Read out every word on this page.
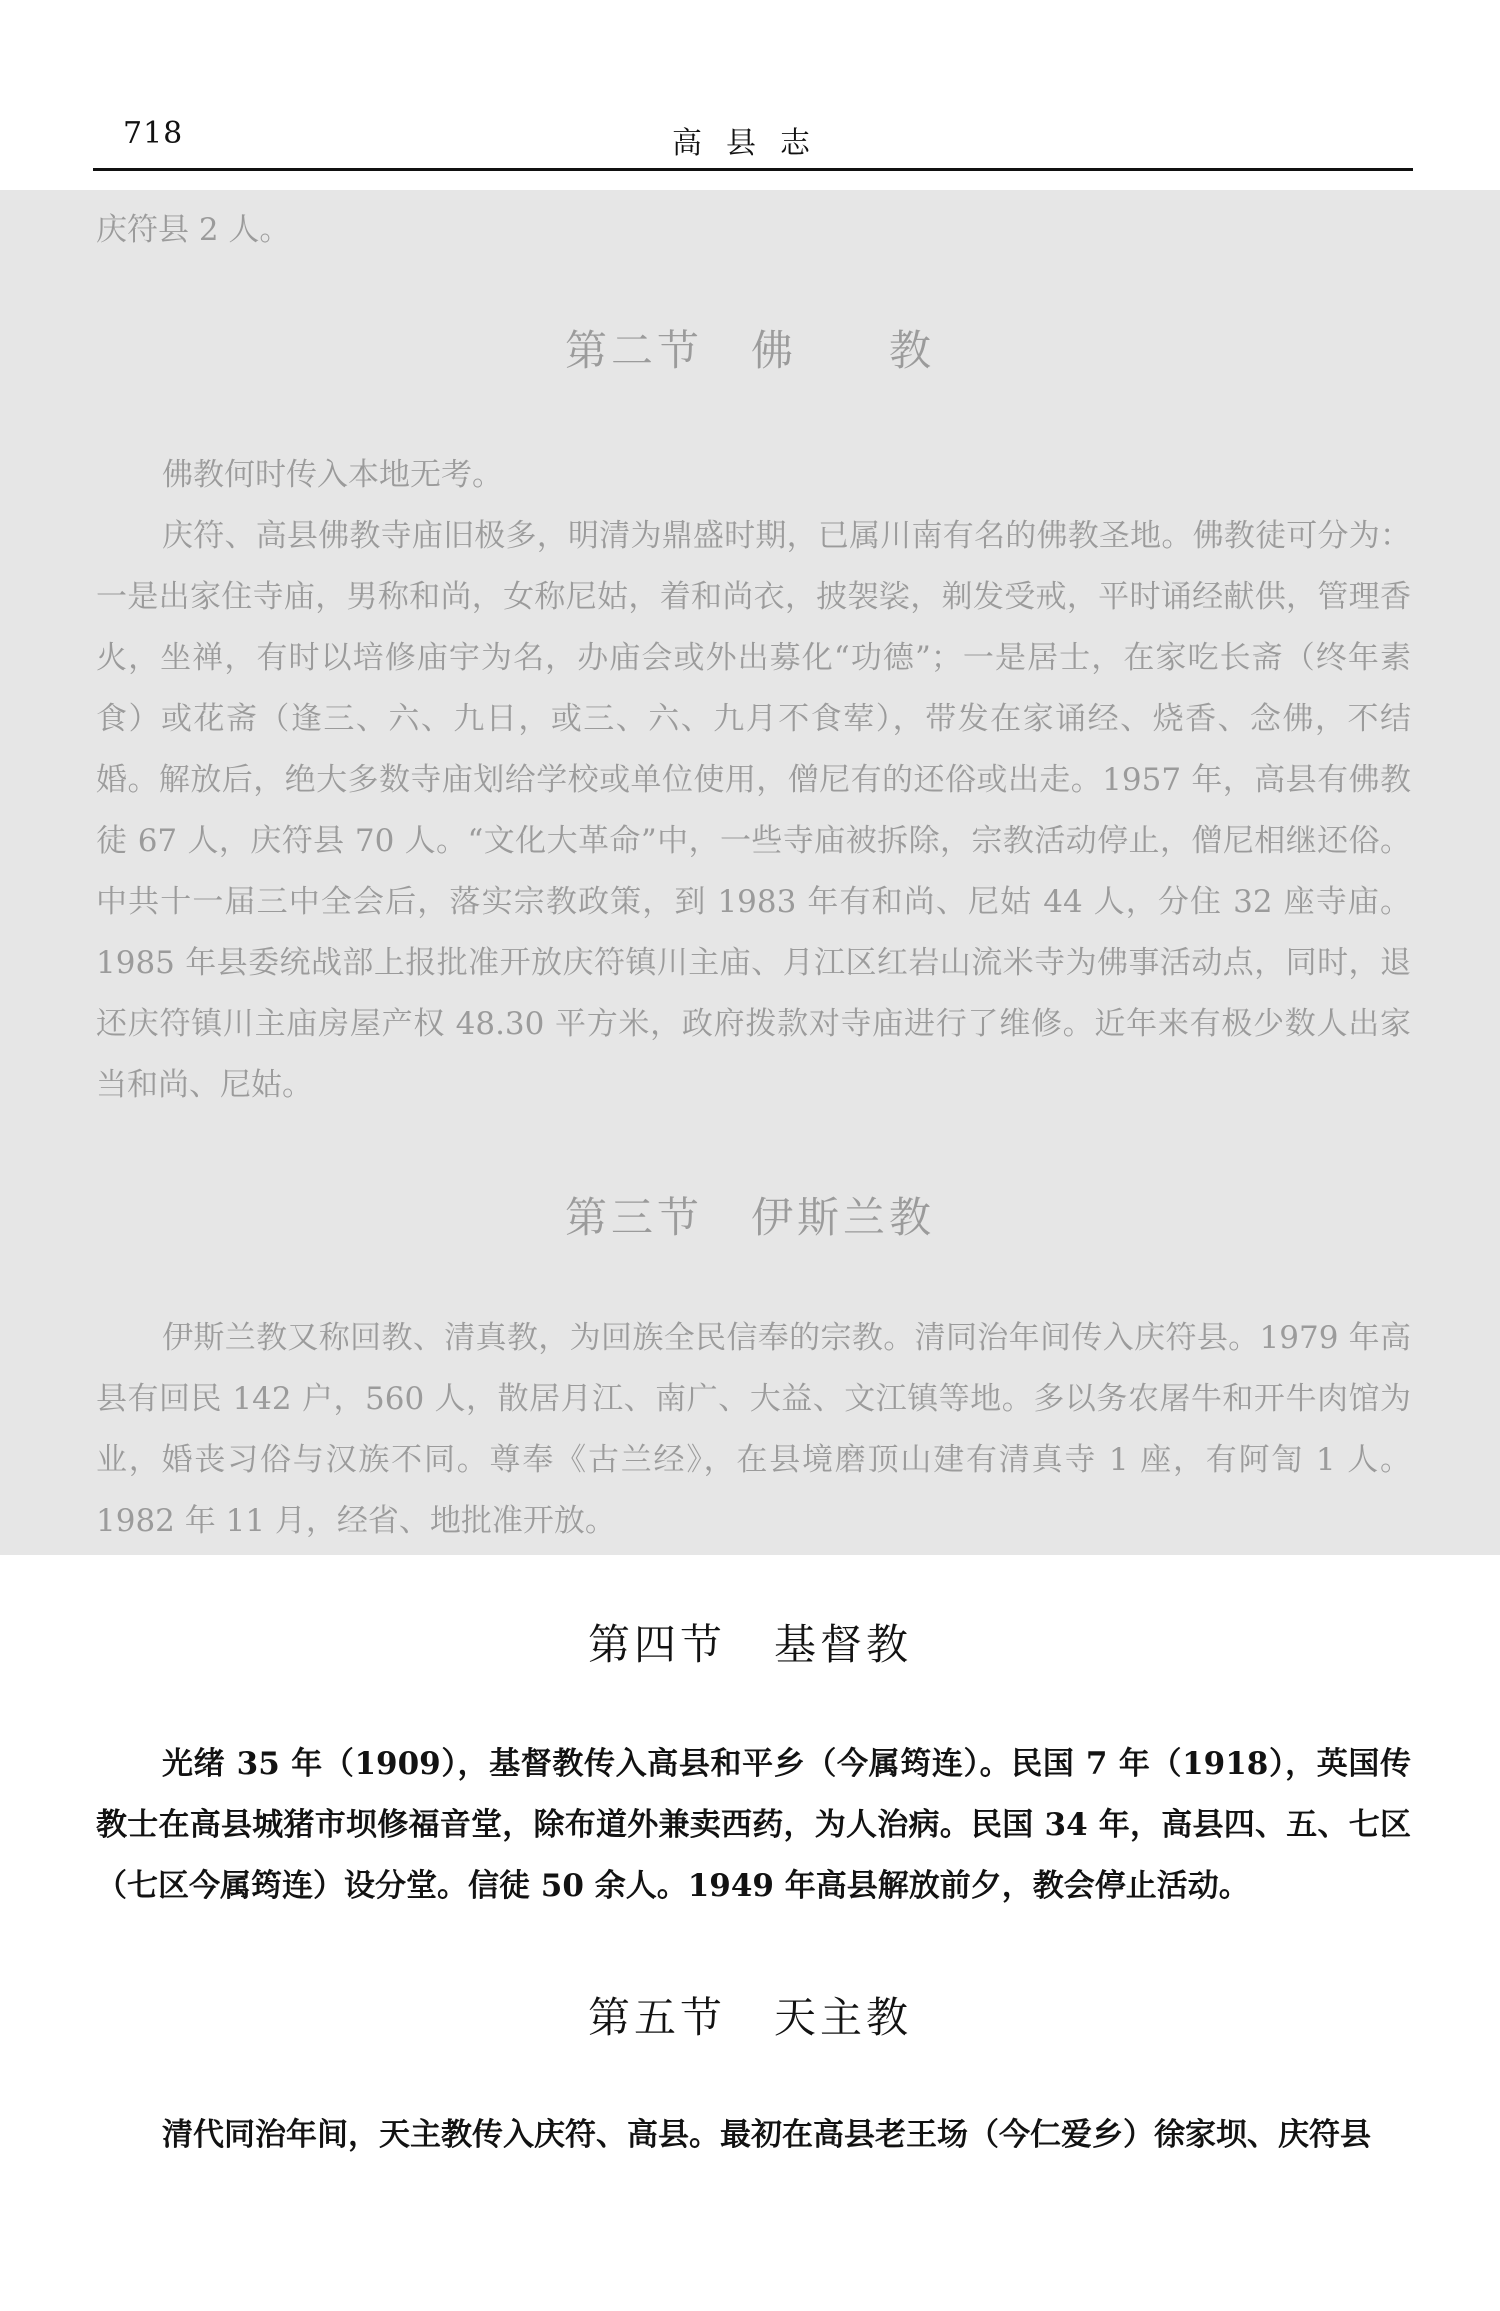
718	高县志

庆符县 2 人。

第二节 佛　　教

佛教何时传入本地无考。

庆符、高县佛教寺庙旧极多，明清为鼎盛时期，已属川南有名的佛教圣地。佛教徒可分为：一是出家住寺庙，男称和尚，女称尼姑，着和尚衣，披袈裟，剃发受戒，平时诵经献供，管理香火，坐禅，有时以培修庙宇为名，办庙会或外出募化“功德”；一是居士，在家吃长斋（终年素食）或花斋（逢三、六、九日，或三、六、九月不食荤），带发在家诵经、烧香、念佛，不结婚。解放后，绝大多数寺庙划给学校或单位使用，僧尼有的还俗或出走。1957 年，高县有佛教徒 67 人，庆符县 70 人。“文化大革命”中，一些寺庙被拆除，宗教活动停止，僧尼相继还俗。中共十一届三中全会后，落实宗教政策，到 1983 年有和尚、尼姑 44 人，分住 32 座寺庙。1985 年县委统战部上报批准开放庆符镇川主庙、月江区红岩山流米寺为佛事活动点，同时，退还庆符镇川主庙房屋产权 48.30 平方米，政府拨款对寺庙进行了维修。近年来有极少数人出家当和尚、尼姑。

第三节 伊斯兰教

伊斯兰教又称回教、清真教，为回族全民信奉的宗教。清同治年间传入庆符县。1979 年高县有回民 142 户，560 人，散居月江、南广、大益、文江镇等地。多以务农屠牛和开牛肉馆为业，婚丧习俗与汉族不同。尊奉《古兰经》，在县境磨顶山建有清真寺 1 座，有阿訇 1 人。1982 年 11 月，经省、地批准开放。

第四节 基督教

光绪 35 年（1909），基督教传入高县和平乡（今属筠连）。民国 7 年（1918），英国传教士在高县城猪市坝修福音堂，除布道外兼卖西药，为人治病。民国 34 年，高县四、五、七区（七区今属筠连）设分堂。信徒 50 余人。1949 年高县解放前夕，教会停止活动。

第五节 天主教

清代同治年间，天主教传入庆符、高县。最初在高县老王场（今仁爱乡）徐家坝、庆符县
